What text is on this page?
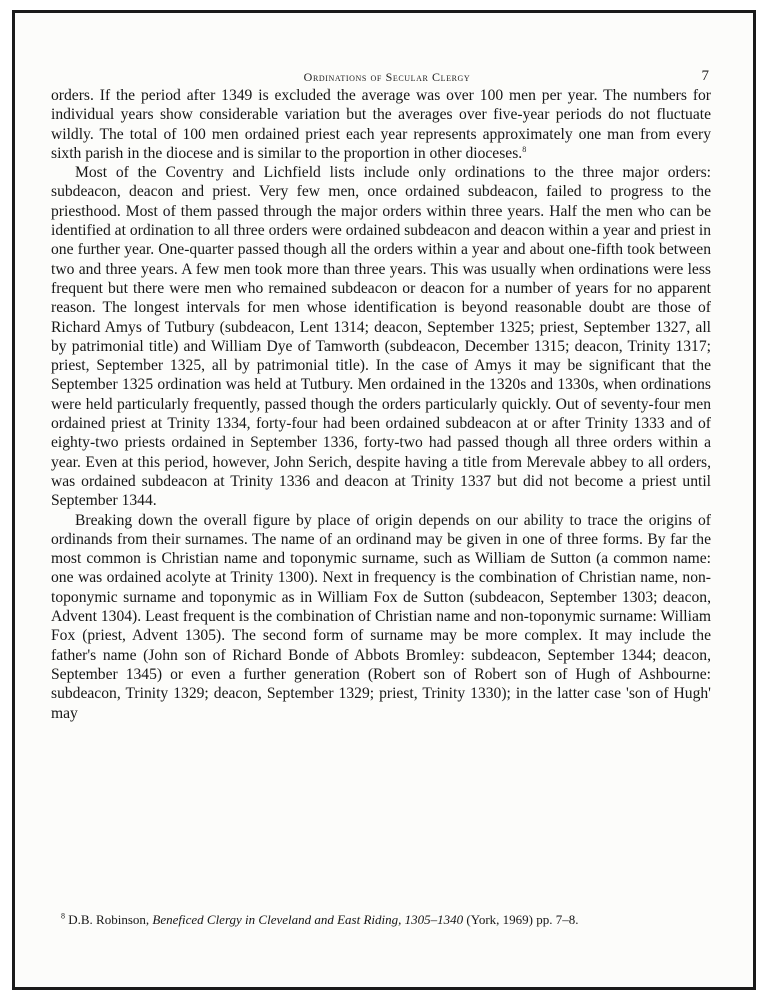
Ordinations of Secular Clergy	7

orders. If the period after 1349 is excluded the average was over 100 men per year. The numbers for individual years show considerable variation but the averages over five-year periods do not fluctuate wildly. The total of 100 men ordained priest each year represents approximately one man from every sixth parish in the diocese and is similar to the proportion in other dioceses.$^8$

Most of the Coventry and Lichfield lists include only ordinations to the three major orders: subdeacon, deacon and priest. Very few men, once ordained subdeacon, failed to progress to the priesthood. Most of them passed through the major orders within three years. Half the men who can be identified at ordination to all three orders were ordained subdeacon and deacon within a year and priest in one further year. One-quarter passed though all the orders within a year and about one-fifth took between two and three years. A few men took more than three years. This was usually when ordinations were less frequent but there were men who remained subdeacon or deacon for a number of years for no apparent reason. The longest intervals for men whose identification is beyond reasonable doubt are those of Richard Amys of Tutbury (subdeacon, Lent 1314; deacon, September 1325; priest, September 1327, all by patrimonial title) and William Dye of Tamworth (subdeacon, December 1315; deacon, Trinity 1317; priest, September 1325, all by patrimonial title). In the case of Amys it may be significant that the September 1325 ordination was held at Tutbury. Men ordained in the 1320s and 1330s, when ordinations were held particularly frequently, passed though the orders particularly quickly. Out of seventy-four men ordained priest at Trinity 1334, forty-four had been ordained subdeacon at or after Trinity 1333 and of eighty-two priests ordained in September 1336, forty-two had passed though all three orders within a year. Even at this period, however, John Serich, despite having a title from Merevale abbey to all orders, was ordained subdeacon at Trinity 1336 and deacon at Trinity 1337 but did not become a priest until September 1344.

Breaking down the overall figure by place of origin depends on our ability to trace the origins of ordinands from their surnames. The name of an ordinand may be given in one of three forms. By far the most common is Christian name and toponymic surname, such as William de Sutton (a common name: one was ordained acolyte at Trinity 1300). Next in frequency is the combination of Christian name, non-toponymic surname and toponymic as in William Fox de Sutton (subdeacon, September 1303; deacon, Advent 1304). Least frequent is the combination of Christian name and non-toponymic surname: William Fox (priest, Advent 1305). The second form of surname may be more complex. It may include the father's name (John son of Richard Bonde of Abbots Bromley: subdeacon, September 1344; deacon, September 1345) or even a further generation (Robert son of Robert son of Hugh of Ashbourne: subdeacon, Trinity 1329; deacon, September 1329; priest, Trinity 1330); in the latter case 'son of Hugh' may

$^8$ D.B. Robinson, Beneficed Clergy in Cleveland and East Riding, 1305–1340 (York, 1969) pp. 7–8.
